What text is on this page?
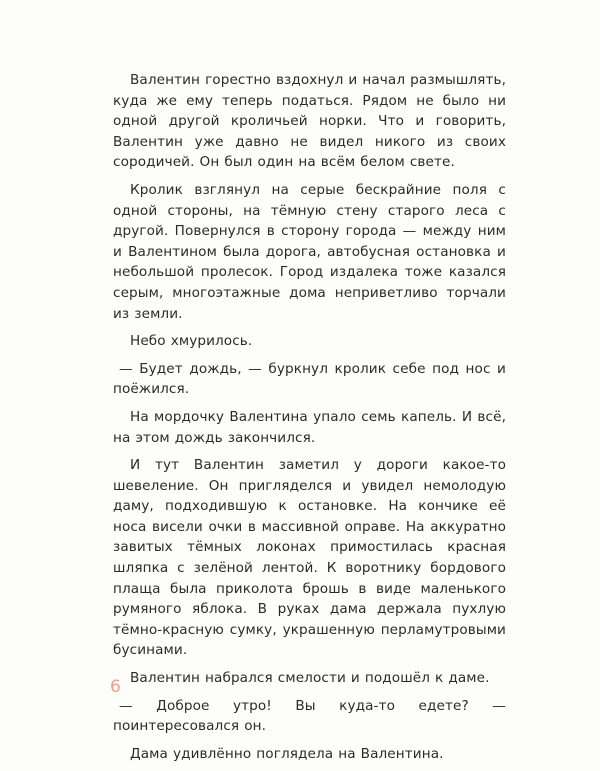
Валентин горестно вздохнул и начал размышлять, куда же ему теперь податься. Рядом не было ни одной другой кроличьей норки. Что и говорить, Валентин уже давно не видел никого из своих сородичей. Он был один на всём белом свете.

Кролик взглянул на серые бескрайние поля с одной стороны, на тёмную стену старого леса с другой. Повернулся в сторону города — между ним и Валентином была дорога, автобусная остановка и небольшой пролесок. Город издалека тоже казался серым, многоэтажные дома неприветливо торчали из земли.

Небо хмурилось.

— Будет дождь, — буркнул кролик себе под нос и поёжился.

На мордочку Валентина упало семь капель. И всё, на этом дождь закончился.

И тут Валентин заметил у дороги какое-то шевеление. Он пригляделся и увидел немолодую даму, подходившую к остановке. На кончике её носа висели очки в массивной оправе. На аккуратно завитых тёмных локонах примостилась красная шляпка с зелёной лентой. К воротнику бордового плаща была приколота брошь в виде маленького румяного яблока. В руках дама держала пухлую тёмно-красную сумку, украшенную перламутровыми бусинами.

Валентин набрался смелости и подошёл к даме.

— Доброе утро! Вы куда-то едете? — поинтересовался он.

Дама удивлённо поглядела на Валентина.

6
